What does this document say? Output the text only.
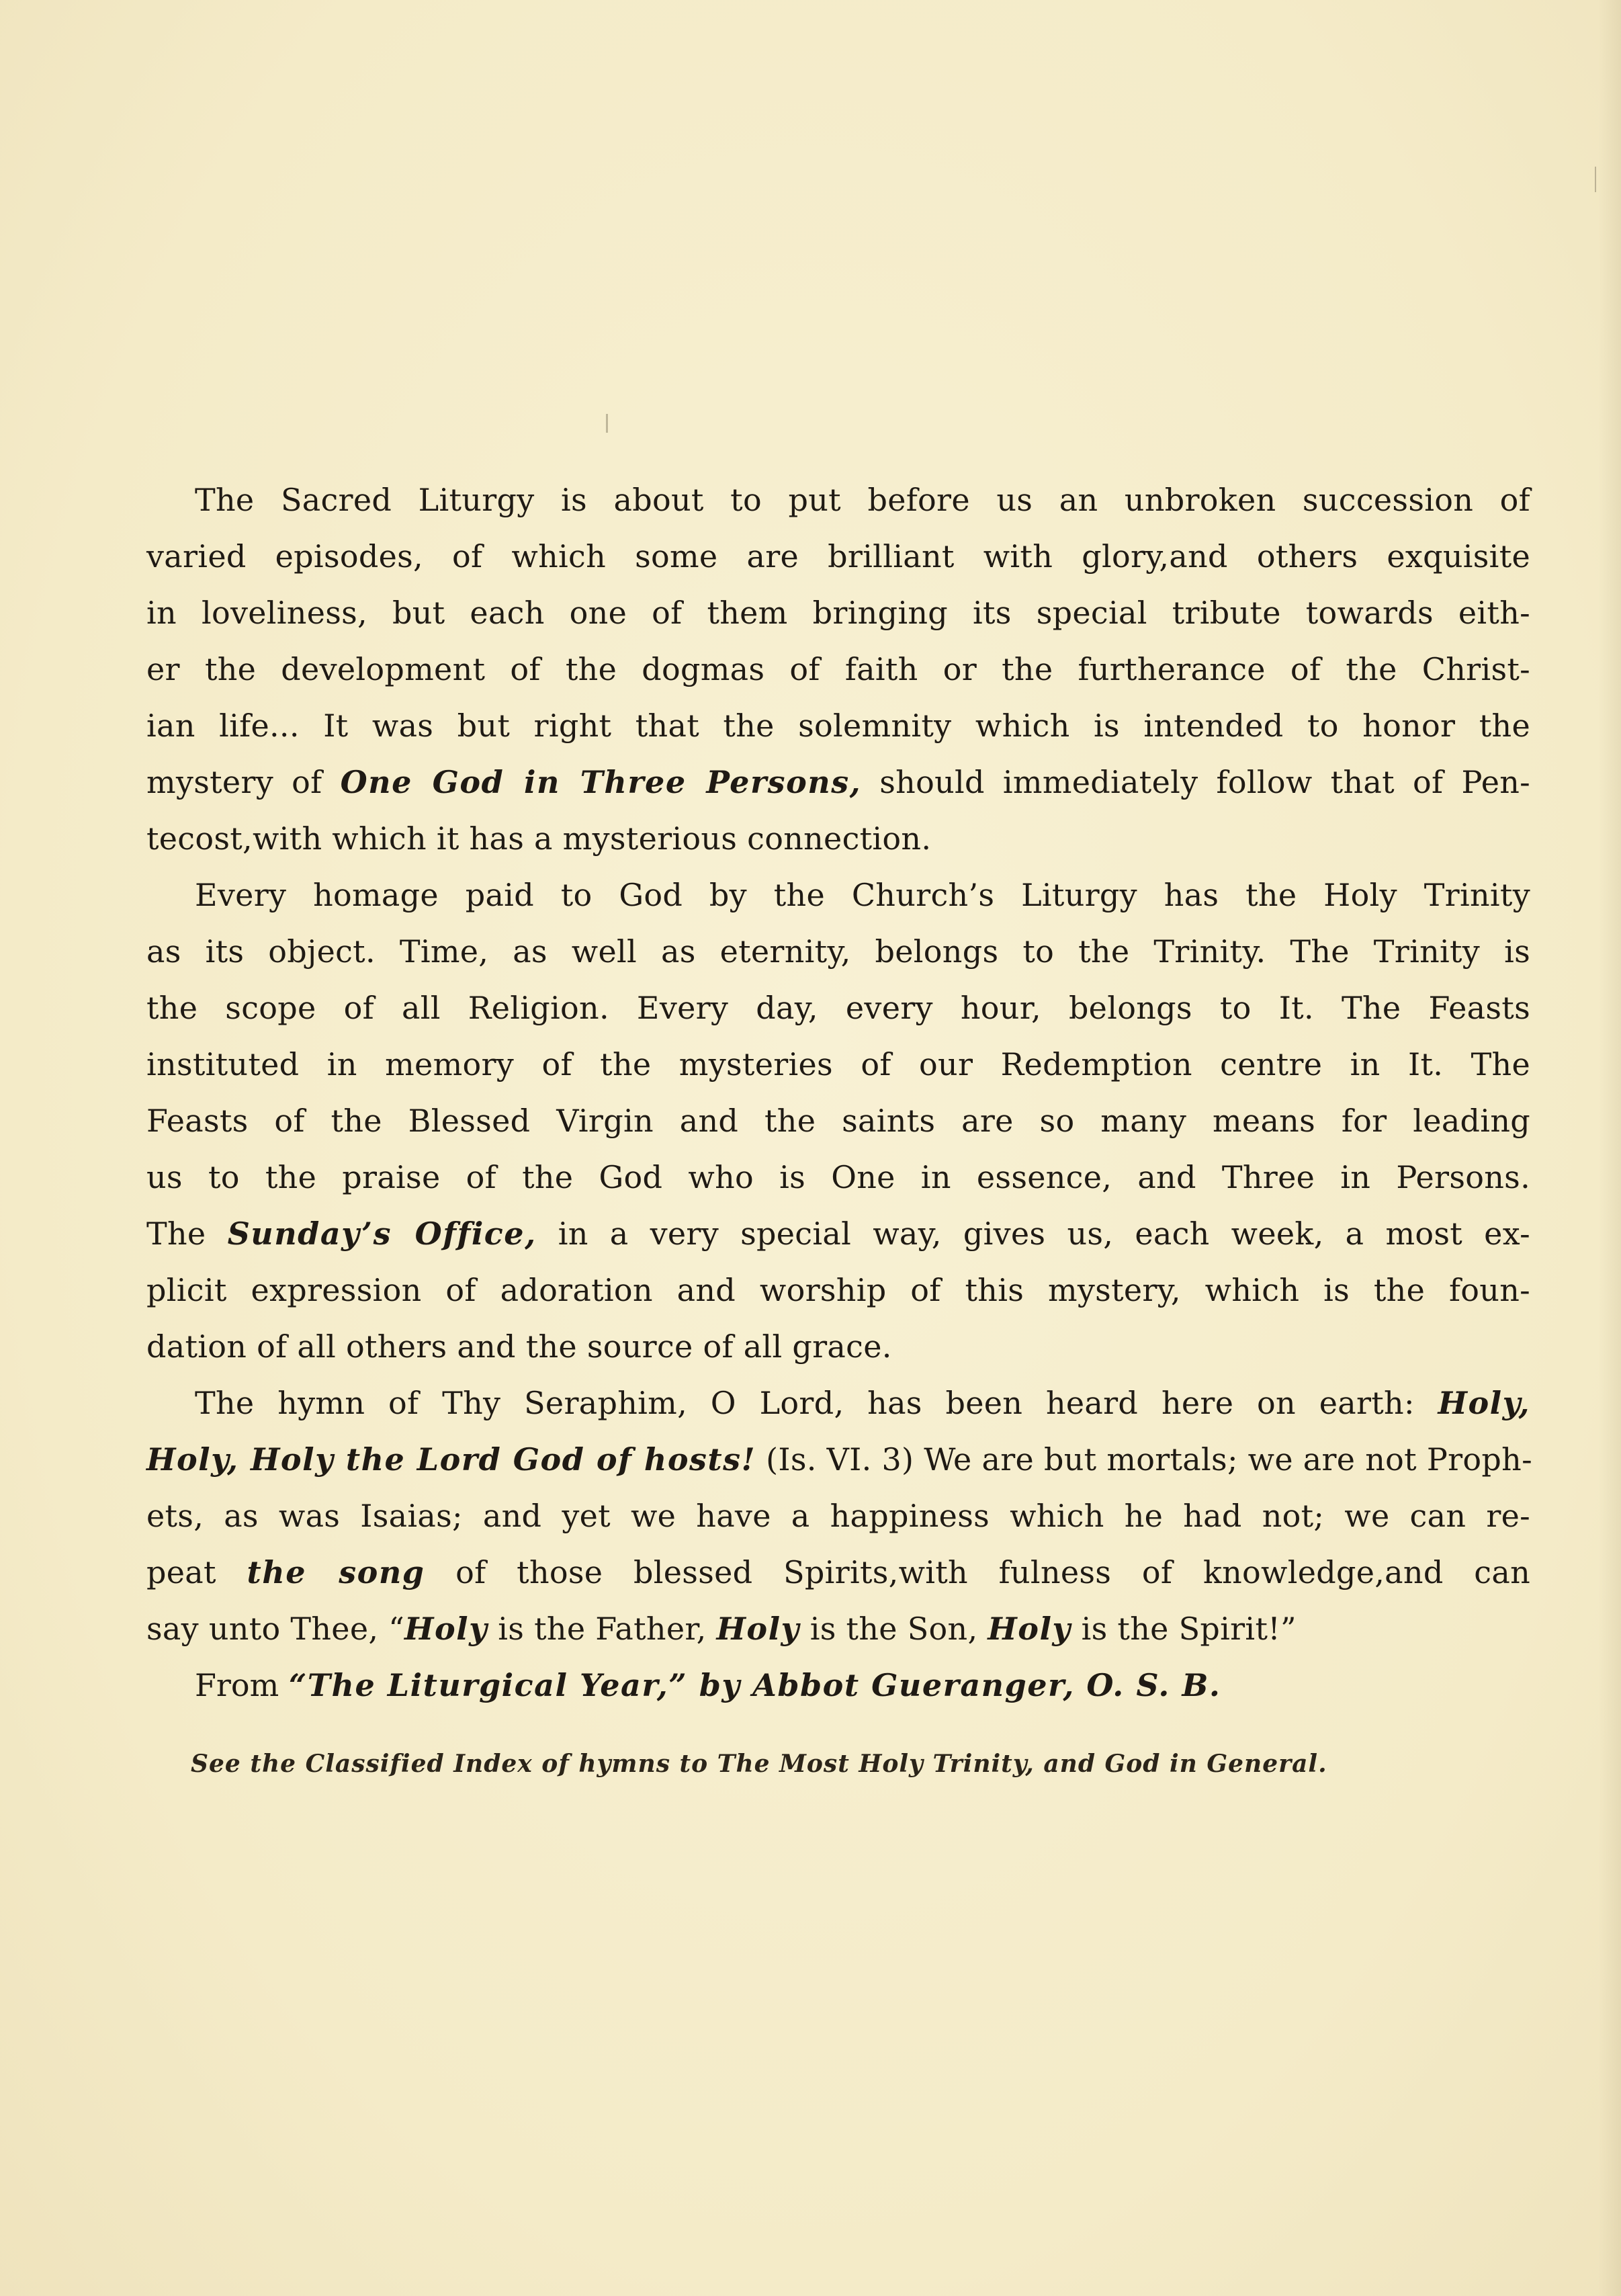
The Sacred Liturgy is about to put before us an unbroken succession of
varied episodes, of which some are brilliant with glory,and others exquisite
in loveliness, but each one of them bringing its special tribute towards eith-
er the development of the dogmas of faith or the furtherance of the Christ-
ian life... It was but right that the solemnity which is intended to honor the
mystery of One God in Three Persons, should immediately follow that of Pen-
tecost,with which it has a mysterious connection.
Every homage paid to God by the Church’s Liturgy has the Holy Trinity
as its object. Time, as well as eternity, belongs to the Trinity. The Trinity is
the scope of all Religion. Every day, every hour, belongs to It. The Feasts
instituted in memory of the mysteries of our Redemption centre in It. The
Feasts of the Blessed Virgin and the saints are so many means for leading
us to the praise of the God who is One in essence, and Three in Persons.
The Sunday’s Office, in a very special way, gives us, each week, a most ex-
plicit expression of adoration and worship of this mystery, which is the foun-
dation of all others and the source of all grace.
The hymn of Thy Seraphim, O Lord, has been heard here on earth: Holy,
Holy, Holy the Lord God of hosts! (Is. VI. 3) We are but mortals; we are not Proph-
ets, as was Isaias; and yet we have a happiness which he had not; we can re-
peat the song of those blessed Spirits,with fulness of knowledge,and can
say unto Thee, “Holy is the Father, Holy is the Son, Holy is the Spirit!”
From “The Liturgical Year,” by Abbot Gueranger, O. S. B.
See the Classified Index of hymns to The Most Holy Trinity, and God in General.
